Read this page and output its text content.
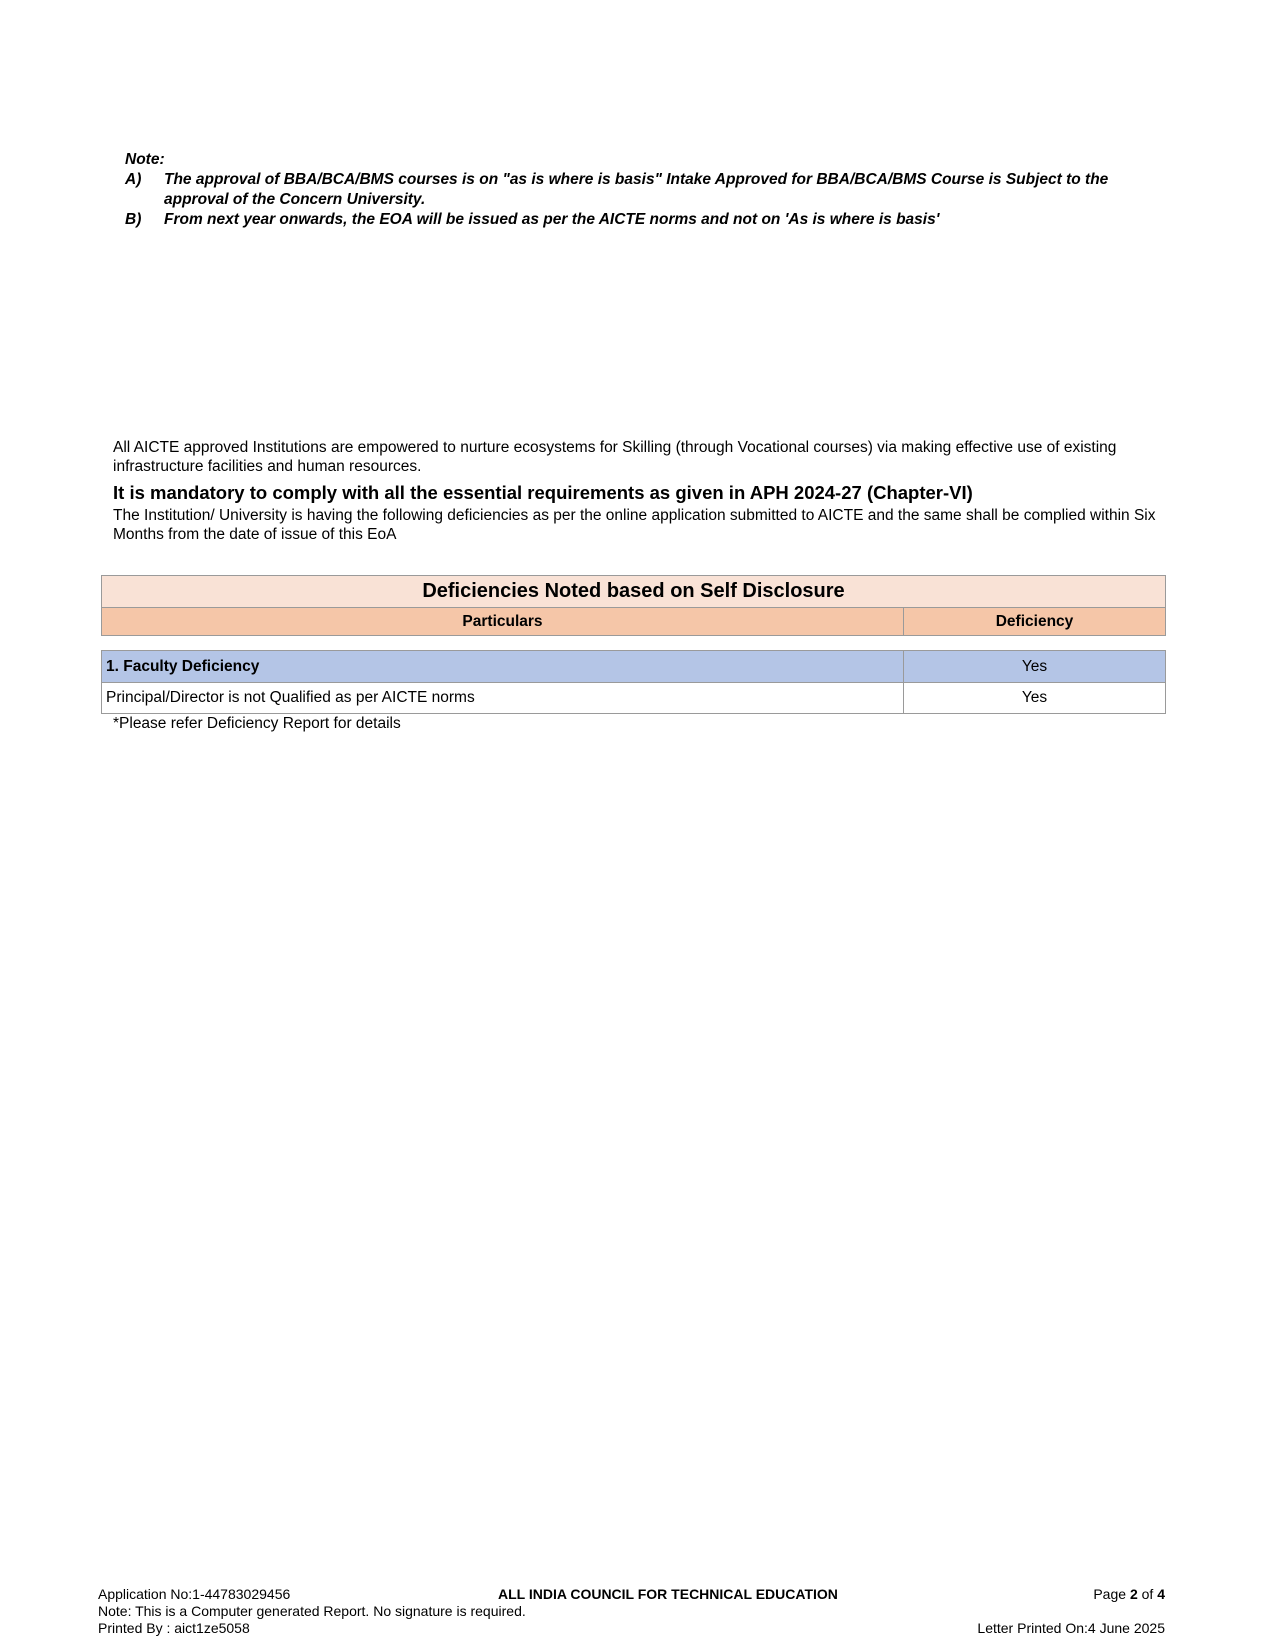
Note:
A)	The approval of BBA/BCA/BMS courses is on "as is where is basis" Intake Approved for BBA/BCA/BMS Course is Subject to the approval of the Concern University.
B)	From next year onwards, the EOA will be issued as per the AICTE norms and not on 'As is where is basis'
All AICTE approved Institutions are empowered to nurture ecosystems for Skilling (through Vocational courses) via making effective use of existing infrastructure facilities and human resources.
It is mandatory to comply with all the essential requirements as given in APH 2024-27 (Chapter-VI)
The Institution/ University is having the following deficiencies as per the online application submitted to AICTE and the same shall be complied within Six Months from the date of issue of this EoA
Deficiencies Noted based on Self Disclosure
Particulars	Deficiency
1. Faculty Deficiency	Yes
Principal/Director is not Qualified as per AICTE norms	Yes
*Please refer Deficiency Report for details
Application No:1-44783029456	ALL INDIA COUNCIL FOR TECHNICAL EDUCATION	Page 2 of 4
Note: This is a Computer generated Report. No signature is required.
Printed By : aict1ze5058	Letter Printed On:4 June 2025
